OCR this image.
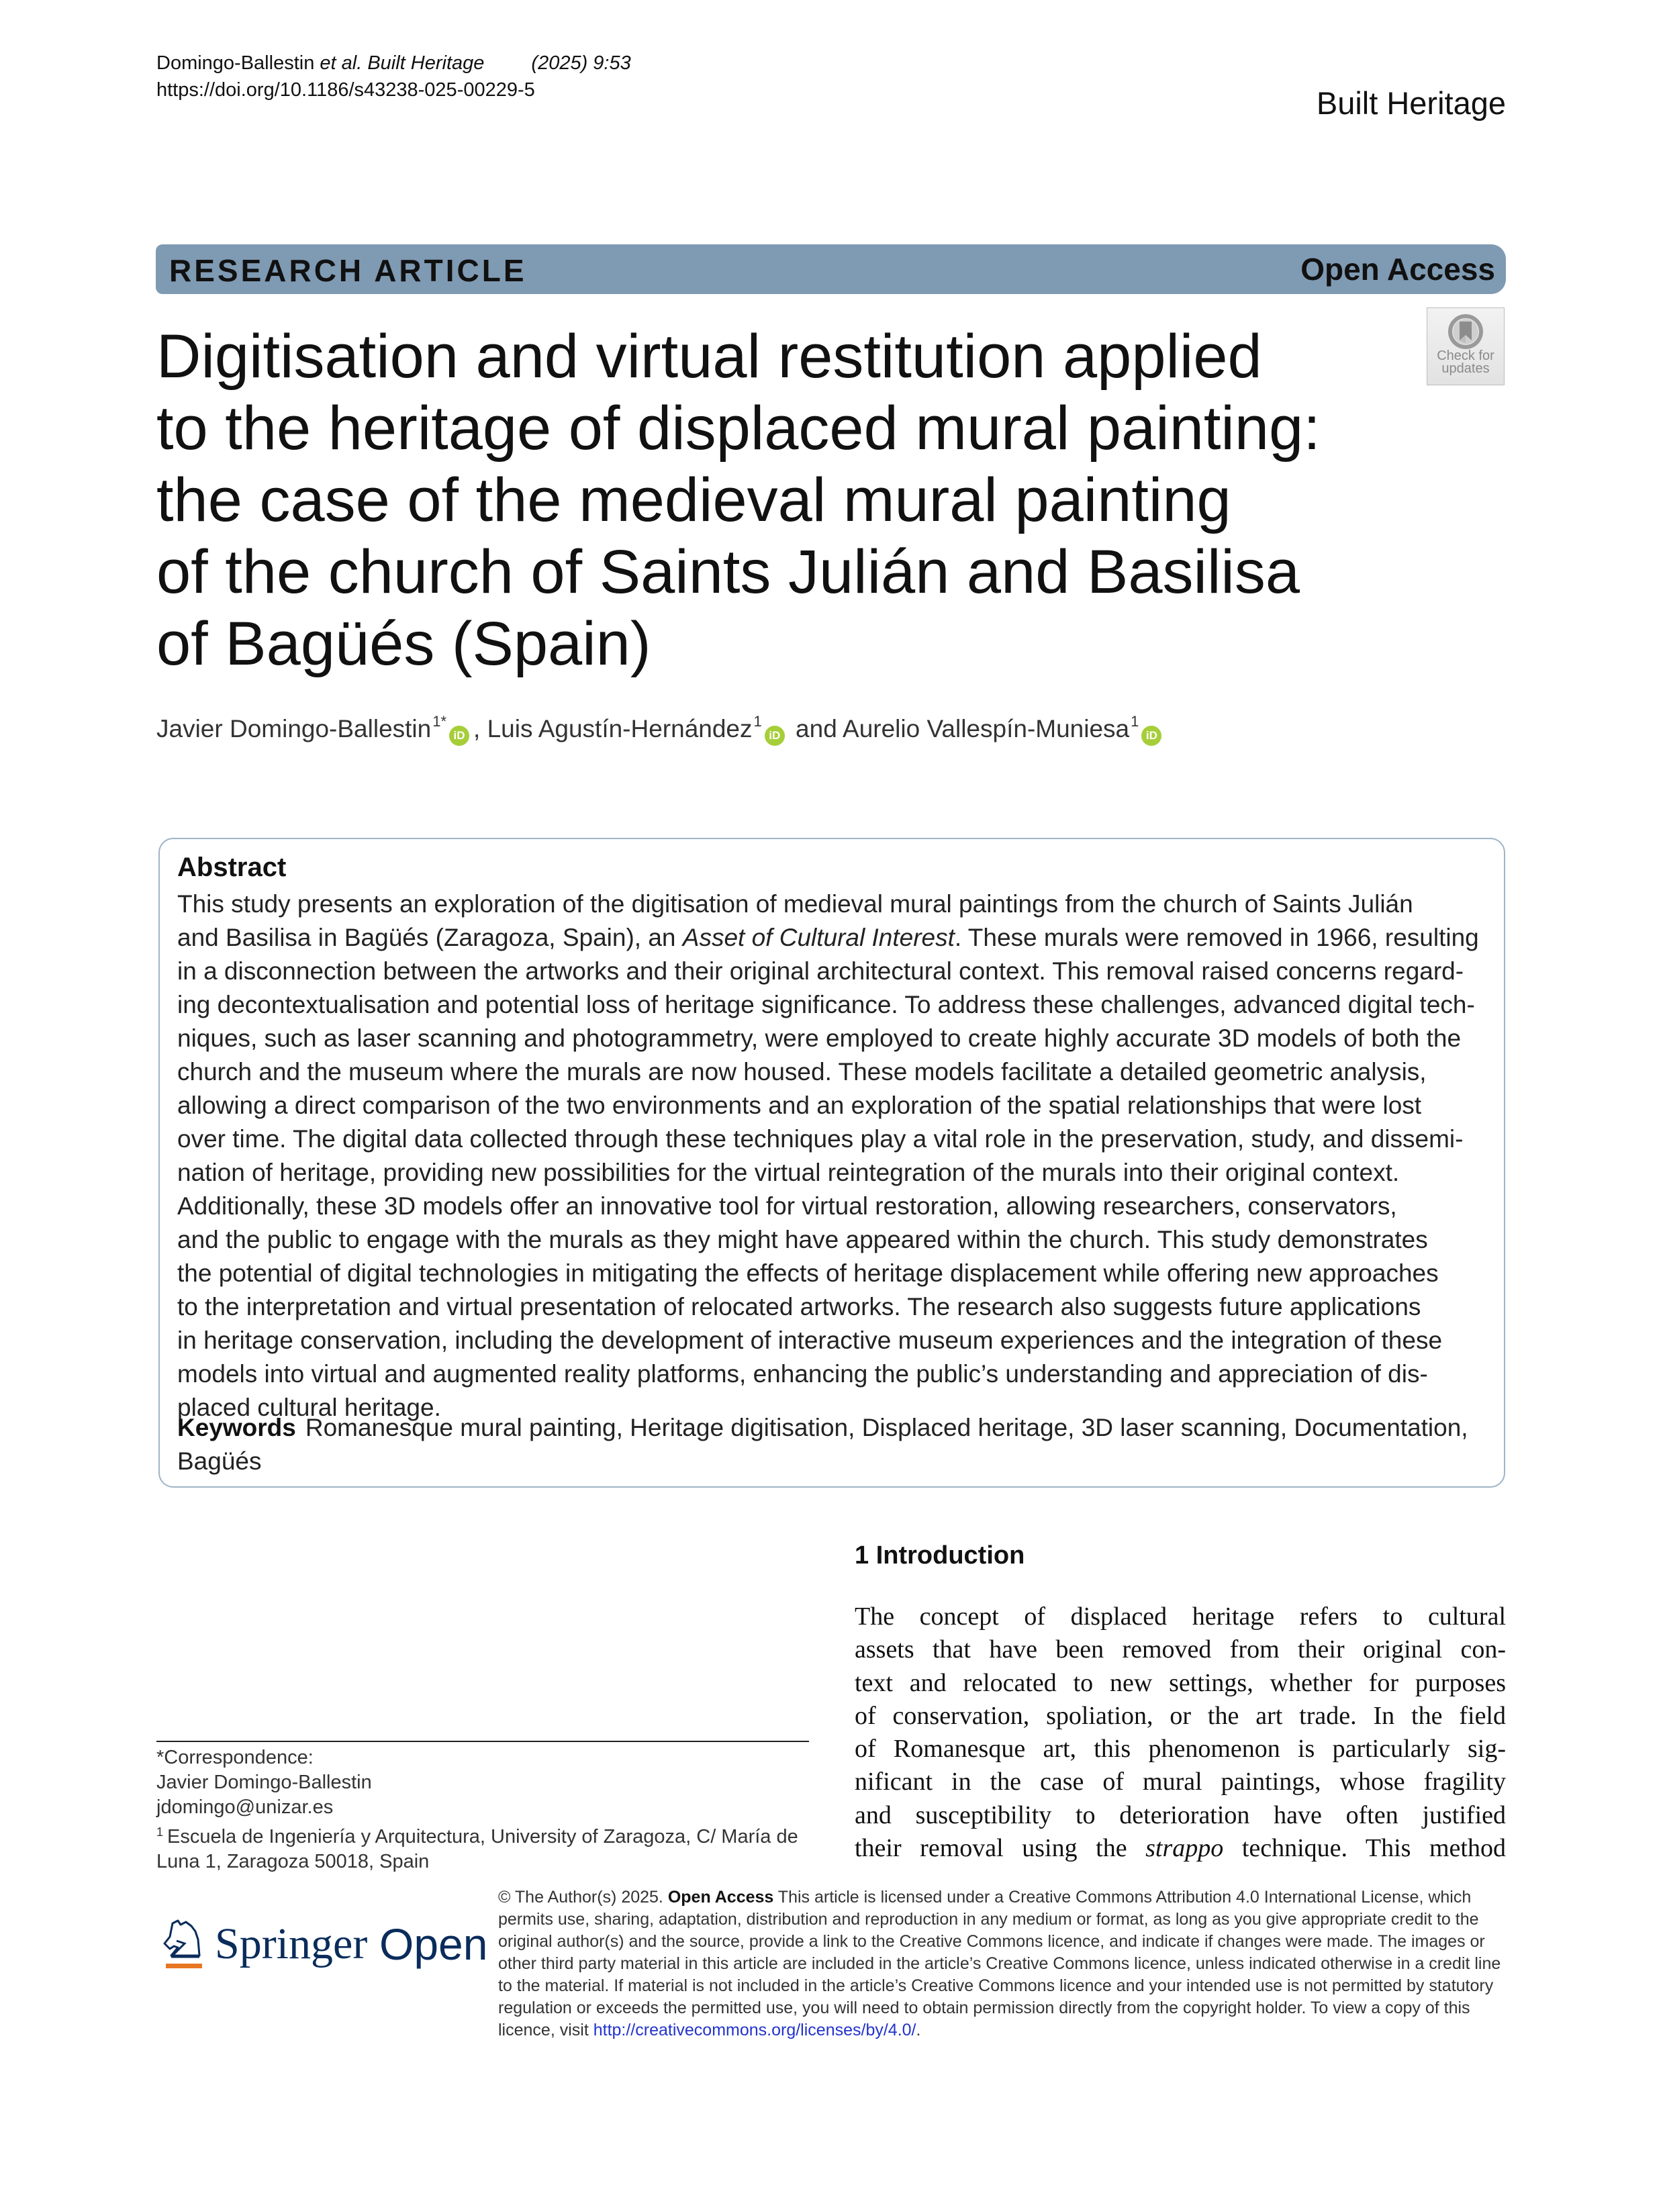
Domingo-Ballestin et al. Built Heritage (2025) 9:53
https://doi.org/10.1186/s43238-025-00229-5	Built Heritage
RESEARCH ARTICLE	Open Access
Check for
updates
Digitisation and virtual restitution applied
to the heritage of displaced mural painting:
the case of the medieval mural painting
of the church of Saints Julián and Basilisa
of Bagüés (Spain)
Javier Domingo-Ballestin$^{1*}$iD , Luis Agustín-Hernández$^1$iD and Aurelio Vallespín-Muniesa$^1$iD
Abstract
This study presents an exploration of the digitisation of medieval mural paintings from the church of Saints Julián
and Basilisa in Bagüés (Zaragoza, Spain), an Asset of Cultural Interest. These murals were removed in 1966, resulting
in a disconnection between the artworks and their original architectural context. This removal raised concerns regard-
ing decontextualisation and potential loss of heritage significance. To address these challenges, advanced digital tech-
niques, such as laser scanning and photogrammetry, were employed to create highly accurate 3D models of both the
church and the museum where the murals are now housed. These models facilitate a detailed geometric analysis,
allowing a direct comparison of the two environments and an exploration of the spatial relationships that were lost
over time. The digital data collected through these techniques play a vital role in the preservation, study, and dissemi-
nation of heritage, providing new possibilities for the virtual reintegration of the murals into their original context.
Additionally, these 3D models offer an innovative tool for virtual restoration, allowing researchers, conservators,
and the public to engage with the murals as they might have appeared within the church. This study demonstrates
the potential of digital technologies in mitigating the effects of heritage displacement while offering new approaches
to the interpretation and virtual presentation of relocated artworks. The research also suggests future applications
in heritage conservation, including the development of interactive museum experiences and the integration of these
models into virtual and augmented reality platforms, enhancing the public’s understanding and appreciation of dis-
placed cultural heritage.
Keywords Romanesque mural painting, Heritage digitisation, Displaced heritage, 3D laser scanning, Documentation,
Bagüés
1 Introduction
The concept of displaced heritage refers to cultural
assets that have been removed from their original con-
text and relocated to new settings, whether for purposes
of conservation, spoliation, or the art trade. In the field
of Romanesque art, this phenomenon is particularly sig-
nificant in the case of mural paintings, whose fragility
and susceptibility to deterioration have often justified
their removal using the strappo technique. This method
*Correspondence:
Javier Domingo-Ballestin
jdomingo@unizar.es
$^1$ Escuela de Ingeniería y Arquitectura, University of Zaragoza, C/ María de
Luna 1, Zaragoza 50018, Spain
Springer Open
© The Author(s) 2025. Open Access This article is licensed under a Creative Commons Attribution 4.0 International License, which
permits use, sharing, adaptation, distribution and reproduction in any medium or format, as long as you give appropriate credit to the
original author(s) and the source, provide a link to the Creative Commons licence, and indicate if changes were made. The images or
other third party material in this article are included in the article’s Creative Commons licence, unless indicated otherwise in a credit line
to the material. If material is not included in the article’s Creative Commons licence and your intended use is not permitted by statutory
regulation or exceeds the permitted use, you will need to obtain permission directly from the copyright holder. To view a copy of this
licence, visit http://creativecommons.org/licenses/by/4.0/.
